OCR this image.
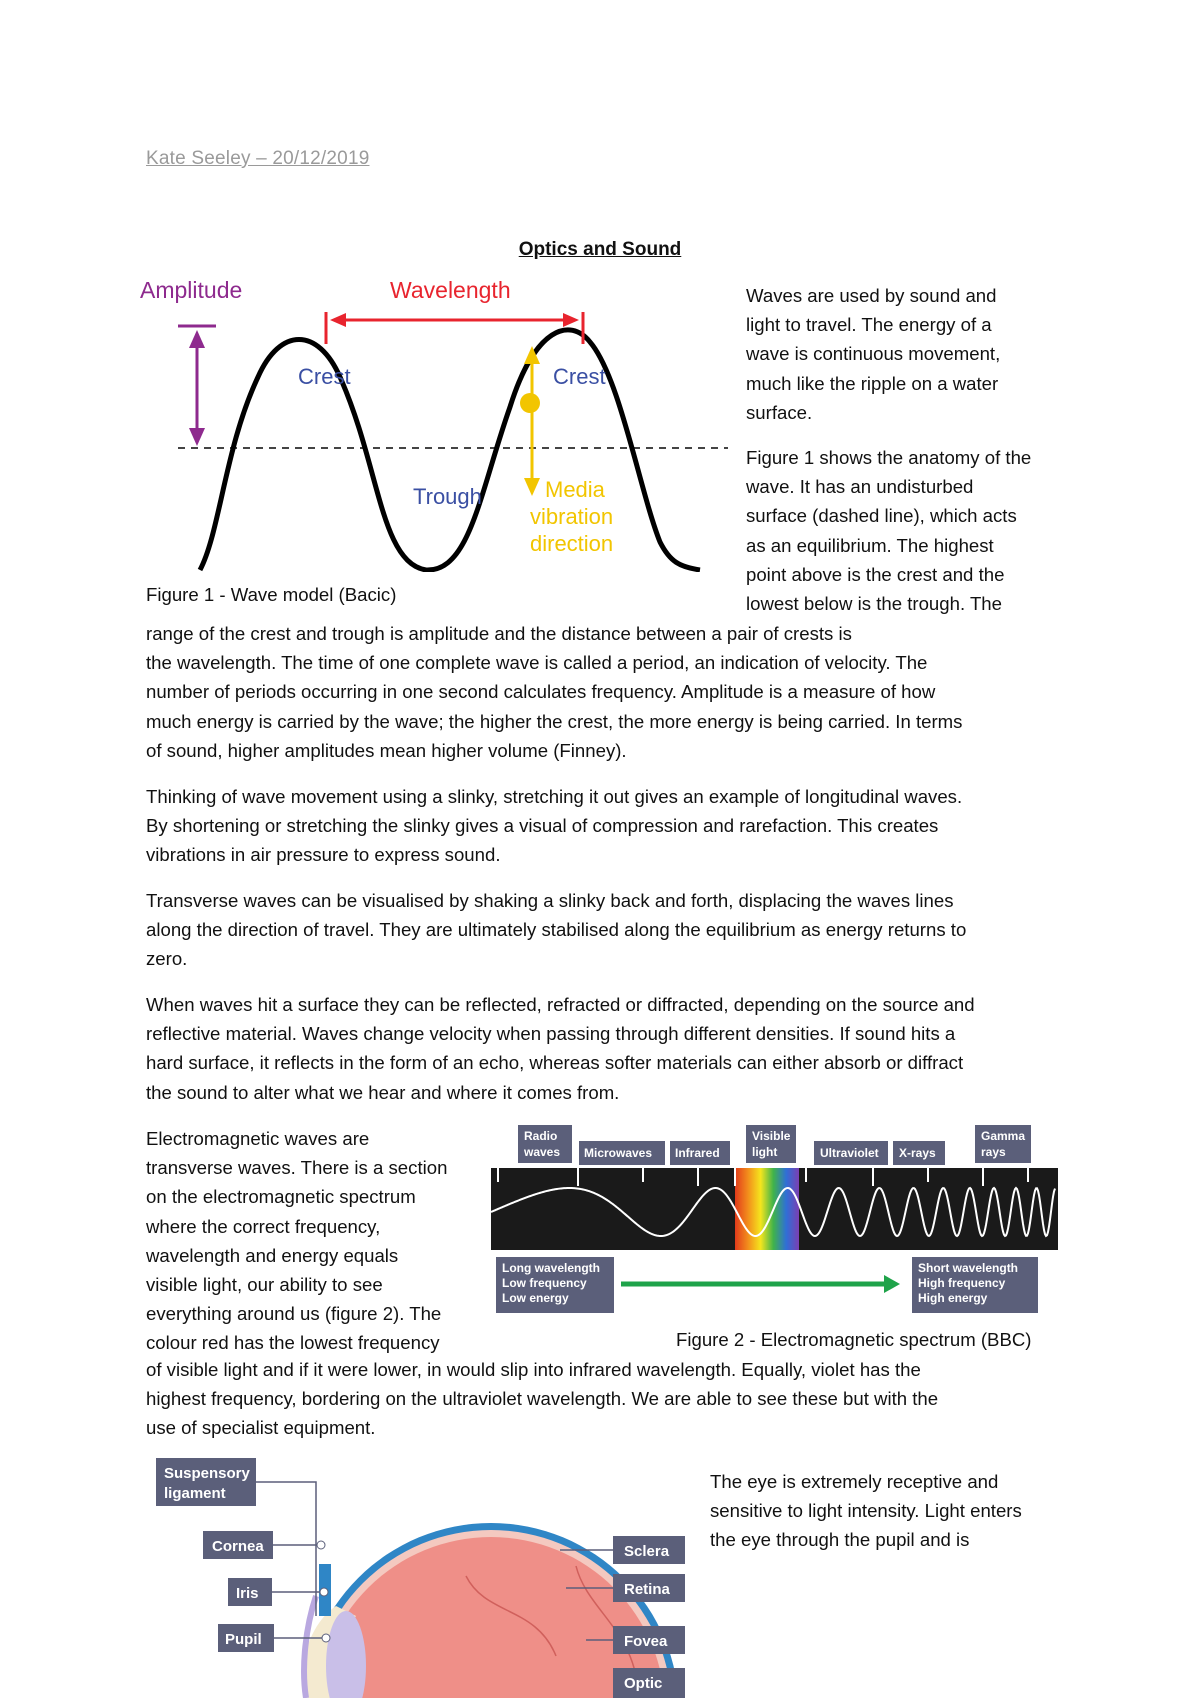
Kate Seeley – 20/12/2019
Optics and Sound
Amplitude	Wavelength
Crest	Crest
Trough	Media
vibration
direction
Figure 1 - Wave model (Bacic)
Waves are used by sound and
light to travel. The energy of a
wave is continuous movement,
much like the ripple on a water
surface.
Figure 1 shows the anatomy of the
wave. It has an undisturbed
surface (dashed line), which acts
as an equilibrium. The highest
point above is the crest and the
lowest below is the trough. The
range of the crest and trough is amplitude and the distance between a pair of crests is
the wavelength. The time of one complete wave is called a period, an indication of velocity. The
number of periods occurring in one second calculates frequency. Amplitude is a measure of how
much energy is carried by the wave; the higher the crest, the more energy is being carried. In terms
of sound, higher amplitudes mean higher volume (Finney).
Thinking of wave movement using a slinky, stretching it out gives an example of longitudinal waves.
By shortening or stretching the slinky gives a visual of compression and rarefaction. This creates
vibrations in air pressure to express sound.
Transverse waves can be visualised by shaking a slinky back and forth, displacing the waves lines
along the direction of travel. They are ultimately stabilised along the equilibrium as energy returns to
zero.
When waves hit a surface they can be reflected, refracted or diffracted, depending on the source and
reflective material. Waves change velocity when passing through different densities. If sound hits a
hard surface, it reflects in the form of an echo, whereas softer materials can either absorb or diffract
the sound to alter what we hear and where it comes from.
Electromagnetic waves are
transverse waves. There is a section
on the electromagnetic spectrum
where the correct frequency,
wavelength and energy equals
visible light, our ability to see
everything around us (figure 2). The
colour red has the lowest frequency
Radio
waves Microwaves Infrared
Visible
light	Ultraviolet X-rays
Gamma
rays
Long wavelength
Low frequency
Low energy
Short wavelength
High frequency
High energy
Figure 2 - Electromagnetic spectrum (BBC)
of visible light and if it were lower, in would slip into infrared wavelength. Equally, violet has the
highest frequency, bordering on the ultraviolet wavelength. We are able to see these but with the
use of specialist equipment.
Suspensory
ligament
Cornea
Iris
Pupil
Sclera
Retina
Fovea
Optic
The eye is extremely receptive and
sensitive to light intensity. Light enters
the eye through the pupil and is
